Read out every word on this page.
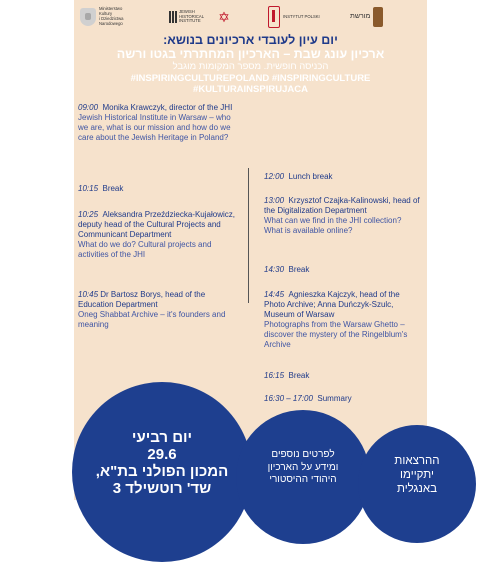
Ministerstwo
Kultury
i Dziedzictwa
Narodowego
JEWISH
HISTORICAL
INSTITUTE ✡	INSTYTUT POLSKI	מורשת
יום עיון לעובדי ארכיונים בנושא:
ארכיון עונג שבת – הארכיון המחתרתי בגטו ורשה
הכניסה חופשית. מספר המקומות מוגבל
#INSPIRINGCULTUREPOLAND #INSPIRINGCULTURE #KULTURAINSPIRUJACA
09:00 Monika Krawczyk, director of the JHI
Jewish Historical Institute in Warsaw – who we are, what is our mission and how do we care about the Jewish Heritage in Poland?
10:15 Break
10:25 Aleksandra Przeździecka-Kujałowicz, deputy head of the Cultural Projects and Communicant Department
What do we do? Cultural projects and activities of the JHI
10:45 Dr Bartosz Borys, head of the Education Department
Oneg Shabbat Archive – it's founders and meaning
12:00 Lunch break
13:00 Krzysztof Czajka-Kalinowski, head of the Digitalization Department
What can we find in the JHI collection? What is available online?
14:30 Break
14:45 Agnieszka Kajczyk, head of the Photo Archive; Anna Duńczyk-Szulc, Museum of Warsaw
Photographs from the Warsaw Ghetto – discover the mystery of the Ringelblum's Archive
16:15 Break
16:30 – 17:00 Summary
יום רביעי
29.6
המכון הפולני בת"א,
שד' רוטשילד 3
לפרטים נוספים
ומידע על הארכיון
היהודי ההיסטורי
ההרצאות
יתקיימו
באנגלית
